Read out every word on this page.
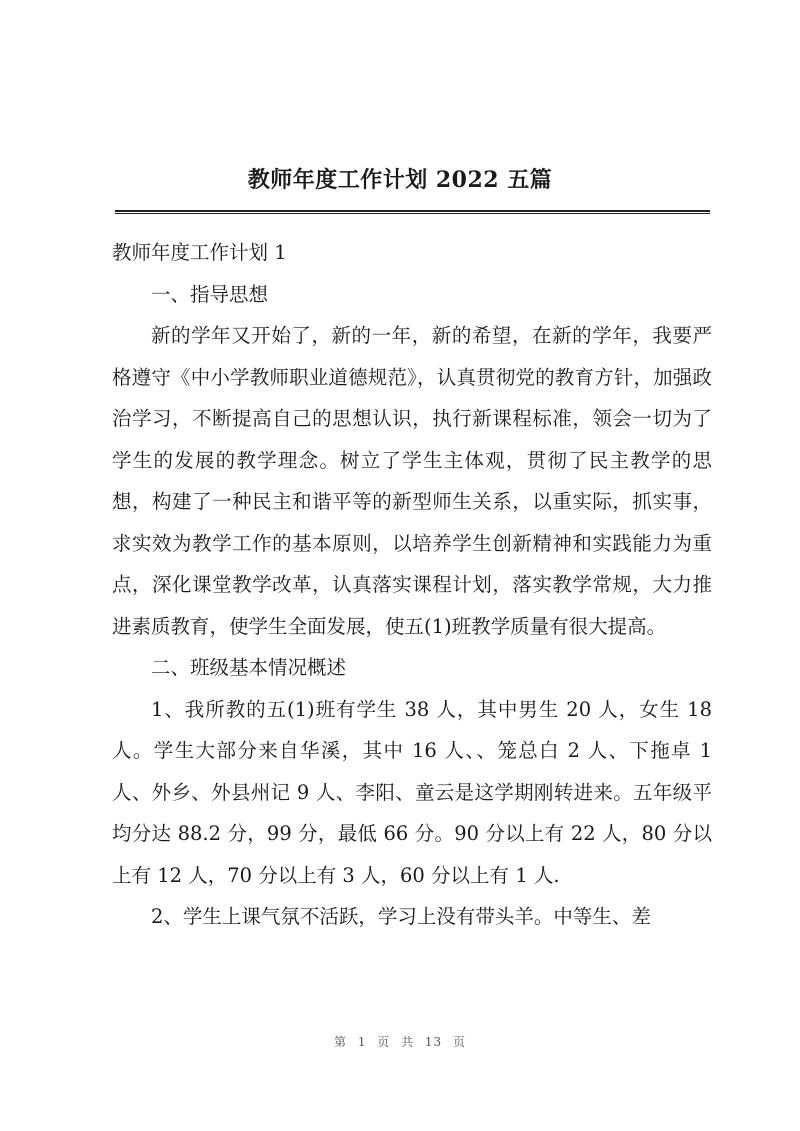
教师年度工作计划 2022 五篇

教师年度工作计划 1

一、指导思想

新的学年又开始了，新的一年，新的希望，在新的学年，我要严格遵守《中小学教师职业道德规范》，认真贯彻党的教育方针，加强政治学习，不断提高自己的思想认识，执行新课程标准，领会一切为了学生的发展的教学理念。树立了学生主体观，贯彻了民主教学的思想，构建了一种民主和谐平等的新型师生关系，以重实际，抓实事，求实效为教学工作的基本原则，以培养学生创新精神和实践能力为重点，深化课堂教学改革，认真落实课程计划，落实教学常规，大力推进素质教育，使学生全面发展，使五(1)班教学质量有很大提高。

二、班级基本情况概述

1、我所教的五(1)班有学生 38 人，其中男生 20 人，女生 18 人。学生大部分来自华溪，其中 16 人、、笼总白 2 人、下拖卓 1 人、外乡、外县州记 9 人、李阳、童云是这学期刚转进来。五年级平均分达 88.2 分，99 分，最低 66 分。90 分以上有 22 人，80 分以上有 12 人，70 分以上有 3 人，60 分以上有 1 人.

2、学生上课气氛不活跃，学习上没有带头羊。中等生、差

第 1 页 共 13 页
